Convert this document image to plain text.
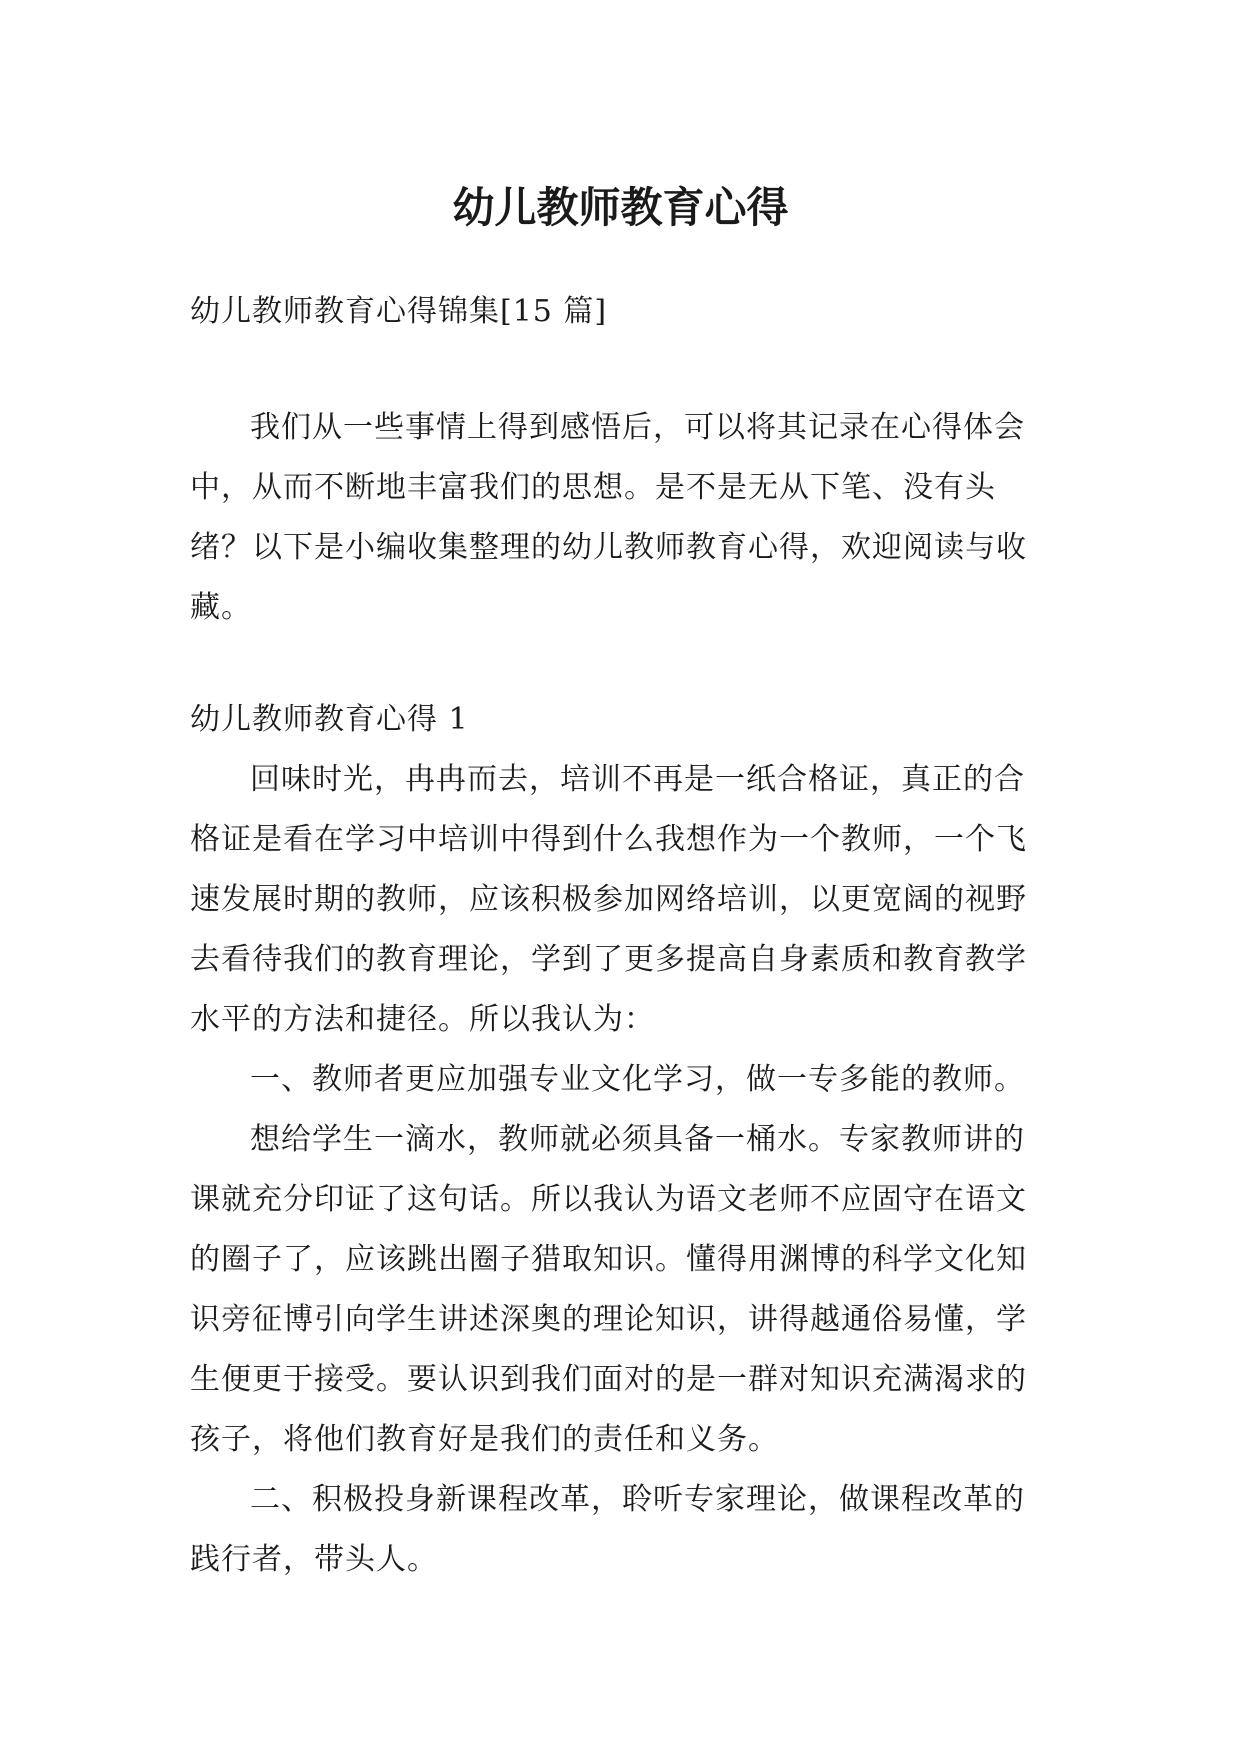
幼儿教师教育心得

幼儿教师教育心得锦集[15 篇]

我们从一些事情上得到感悟后，可以将其记录在心得体会中，从而不断地丰富我们的思想。是不是无从下笔、没有头绪？以下是小编收集整理的幼儿教师教育心得，欢迎阅读与收藏。

幼儿教师教育心得 1

回味时光，冉冉而去，培训不再是一纸合格证，真正的合格证是看在学习中培训中得到什么我想作为一个教师，一个飞速发展时期的教师，应该积极参加网络培训，以更宽阔的视野去看待我们的教育理论，学到了更多提高自身素质和教育教学水平的方法和捷径。所以我认为：

一、教师者更应加强专业文化学习，做一专多能的教师。

想给学生一滴水，教师就必须具备一桶水。专家教师讲的课就充分印证了这句话。所以我认为语文老师不应固守在语文的圈子了，应该跳出圈子猎取知识。懂得用渊博的科学文化知识旁征博引向学生讲述深奥的理论知识，讲得越通俗易懂，学生便更于接受。要认识到我们面对的是一群对知识充满渴求的孩子，将他们教育好是我们的责任和义务。

二、积极投身新课程改革，聆听专家理论，做课程改革的践行者，带头人。
